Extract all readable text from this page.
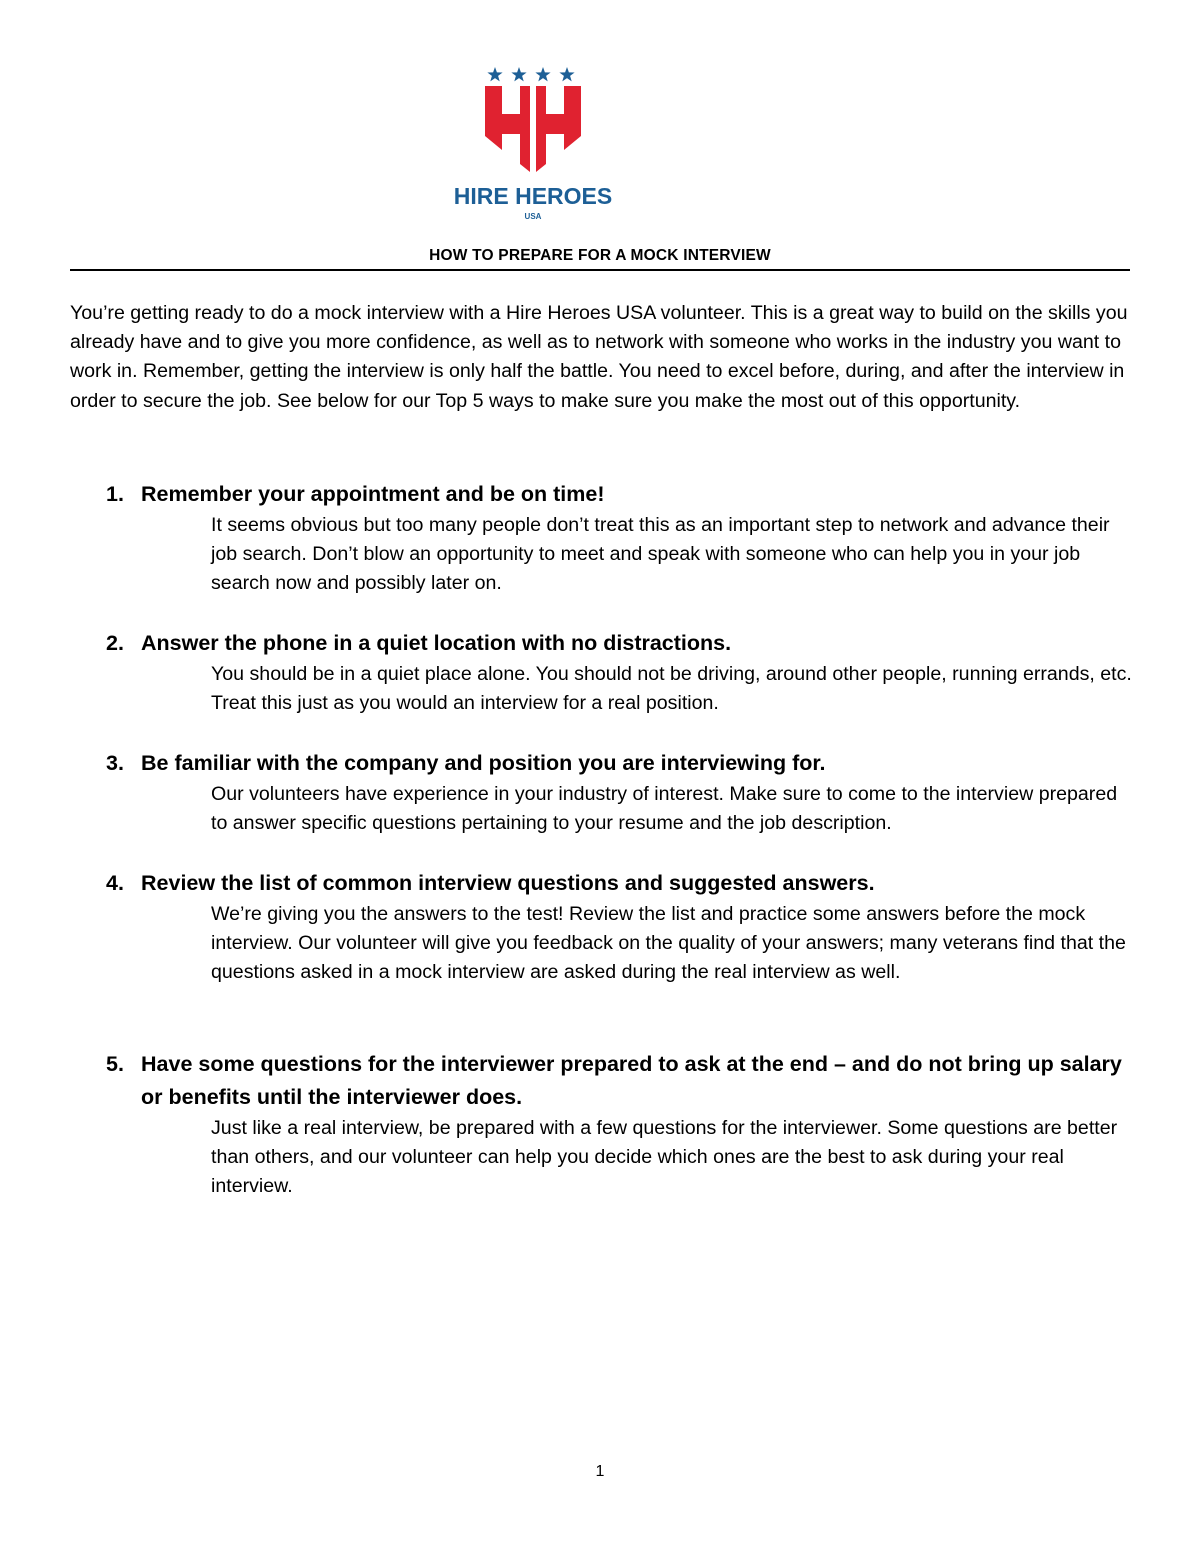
HIRE HEROES
USA
HOW TO PREPARE FOR A MOCK INTERVIEW

You’re getting ready to do a mock interview with a Hire Heroes USA volunteer. This is a great way to build on the skills you already have and to give you more confidence, as well as to network with someone who works in the industry you want to work in. Remember, getting the interview is only half the battle. You need to excel before, during, and after the interview in order to secure the job. See below for our Top 5 ways to make sure you make the most out of this opportunity.

1. Remember your appointment and be on time!

It seems obvious but too many people don’t treat this as an important step to network and advance their job search. Don’t blow an opportunity to meet and speak with someone who can help you in your job search now and possibly later on.

2. Answer the phone in a quiet location with no distractions.

You should be in a quiet place alone. You should not be driving, around other people, running errands, etc. Treat this just as you would an interview for a real position.

3. Be familiar with the company and position you are interviewing for.

Our volunteers have experience in your industry of interest. Make sure to come to the interview prepared to answer specific questions pertaining to your resume and the job description.

4. Review the list of common interview questions and suggested answers.

We’re giving you the answers to the test! Review the list and practice some answers before the mock interview. Our volunteer will give you feedback on the quality of your answers; many veterans find that the questions asked in a mock interview are asked during the real interview as well.

5. Have some questions for the interviewer prepared to ask at the end – and do not bring up salary or benefits until the interviewer does.

Just like a real interview, be prepared with a few questions for the interviewer. Some questions are better than others, and our volunteer can help you decide which ones are the best to ask during your real interview.

1
